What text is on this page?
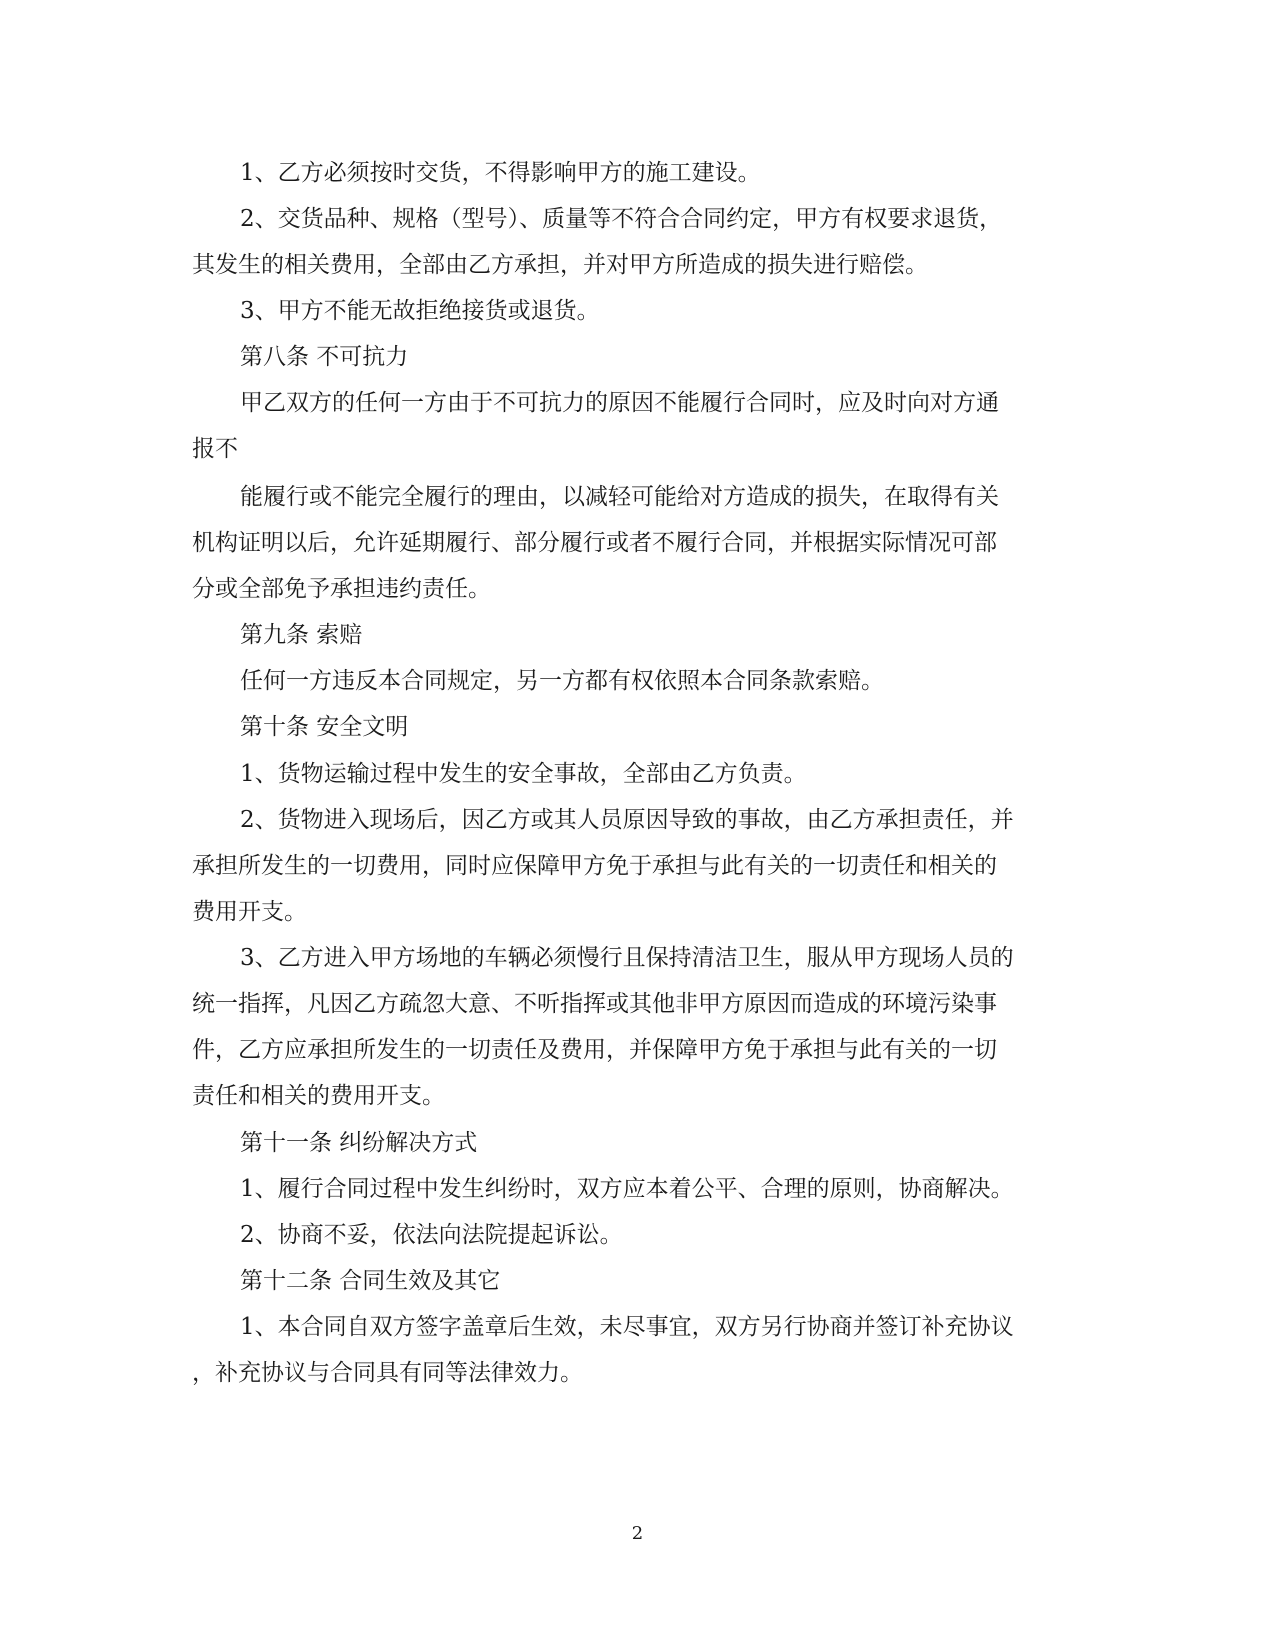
1、乙方必须按时交货，不得影响甲方的施工建设。
2、交货品种、规格（型号）、质量等不符合合同约定，甲方有权要求退货，
其发生的相关费用，全部由乙方承担，并对甲方所造成的损失进行赔偿。
3、甲方不能无故拒绝接货或退货。
第八条 不可抗力
甲乙双方的任何一方由于不可抗力的原因不能履行合同时，应及时向对方通
报不
能履行或不能完全履行的理由，以减轻可能给对方造成的损失，在取得有关
机构证明以后，允许延期履行、部分履行或者不履行合同，并根据实际情况可部
分或全部免予承担违约责任。
第九条 索赔
任何一方违反本合同规定，另一方都有权依照本合同条款索赔。
第十条 安全文明
1、货物运输过程中发生的安全事故，全部由乙方负责。
2、货物进入现场后，因乙方或其人员原因导致的事故，由乙方承担责任，并
承担所发生的一切费用，同时应保障甲方免于承担与此有关的一切责任和相关的
费用开支。
3、乙方进入甲方场地的车辆必须慢行且保持清洁卫生，服从甲方现场人员的
统一指挥，凡因乙方疏忽大意、不听指挥或其他非甲方原因而造成的环境污染事
件，乙方应承担所发生的一切责任及费用，并保障甲方免于承担与此有关的一切
责任和相关的费用开支。
第十一条 纠纷解决方式
1、履行合同过程中发生纠纷时，双方应本着公平、合理的原则，协商解决。
2、协商不妥，依法向法院提起诉讼。
第十二条 合同生效及其它
1、本合同自双方签字盖章后生效，未尽事宜，双方另行协商并签订补充协议
，补充协议与合同具有同等法律效力。
2
